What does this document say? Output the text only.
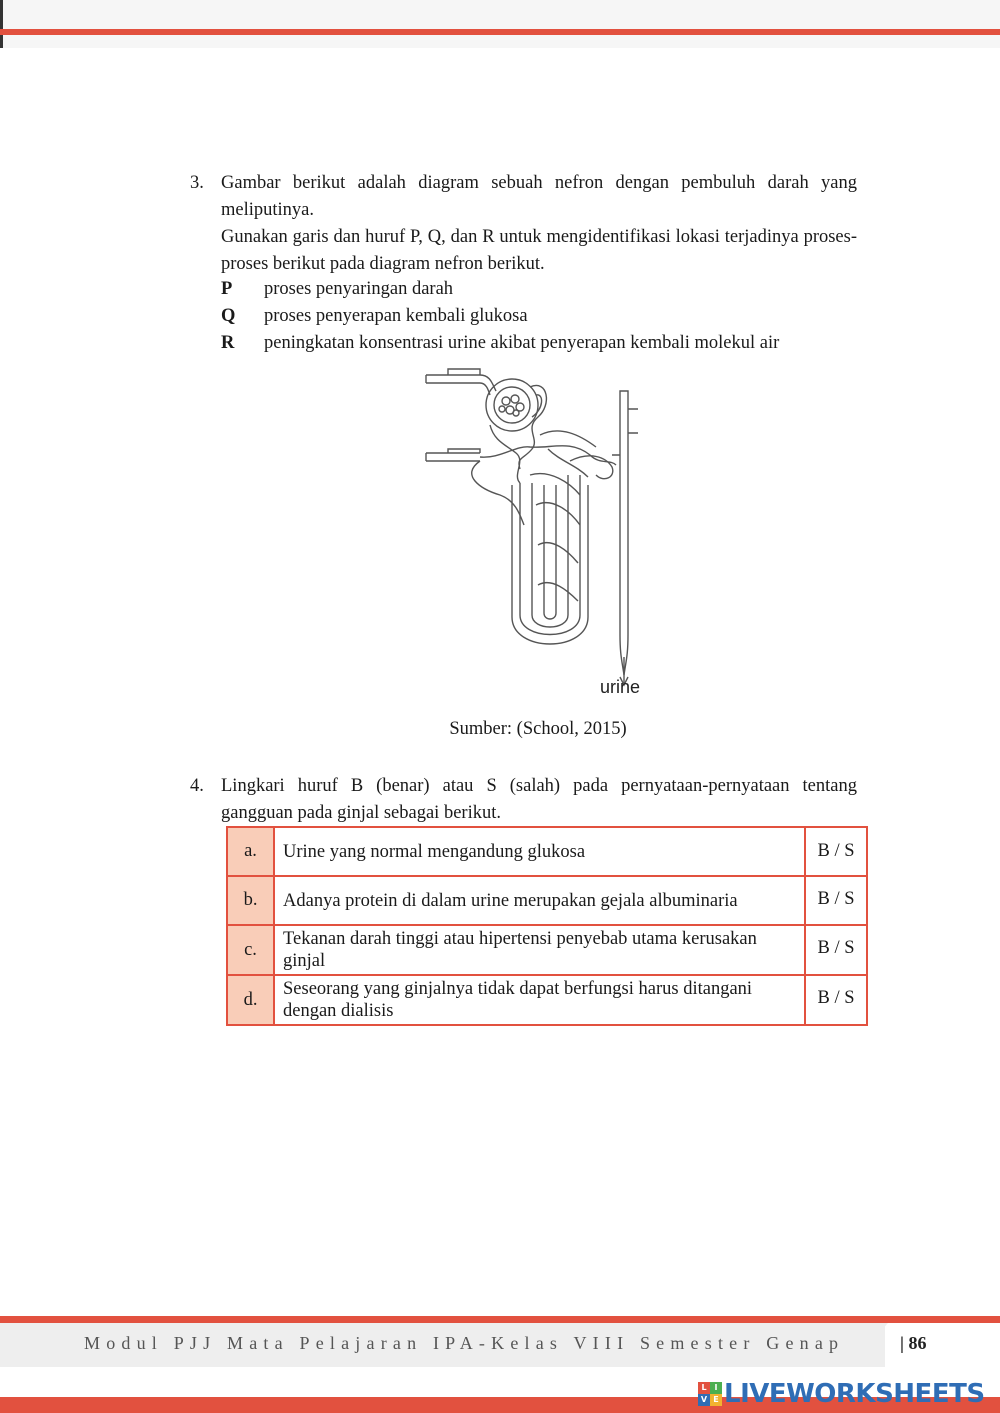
3. Gambar berikut adalah diagram sebuah nefron dengan pembuluh darah yang meliputinya.
Gunakan garis dan huruf P, Q, dan R untuk mengidentifikasi lokasi terjadinya proses-proses berikut pada diagram nefron berikut.
P proses penyaringan darah
Q proses penyerapan kembali glukosa
R peningkatan konsentrasi urine akibat penyerapan kembali molekul air
urine
Sumber: (School, 2015)
4. Lingkari huruf B (benar) atau S (salah) pada pernyataan-pernyataan tentang gangguan pada ginjal sebagai berikut.
a.	Urine yang normal mengandung glukosa	B / S
b.	Adanya protein di dalam urine merupakan gejala albuminaria	B / S
c.	Tekanan darah tinggi atau hipertensi penyebab utama kerusakan ginjal	B / S
d.	Seseorang yang ginjalnya tidak dapat berfungsi harus ditangani dengan dialisis	B / S
Modul PJJ Mata Pelajaran IPA-Kelas VIII Semester Genap	| 86
L I
V E LIVEWORKSHEETS
